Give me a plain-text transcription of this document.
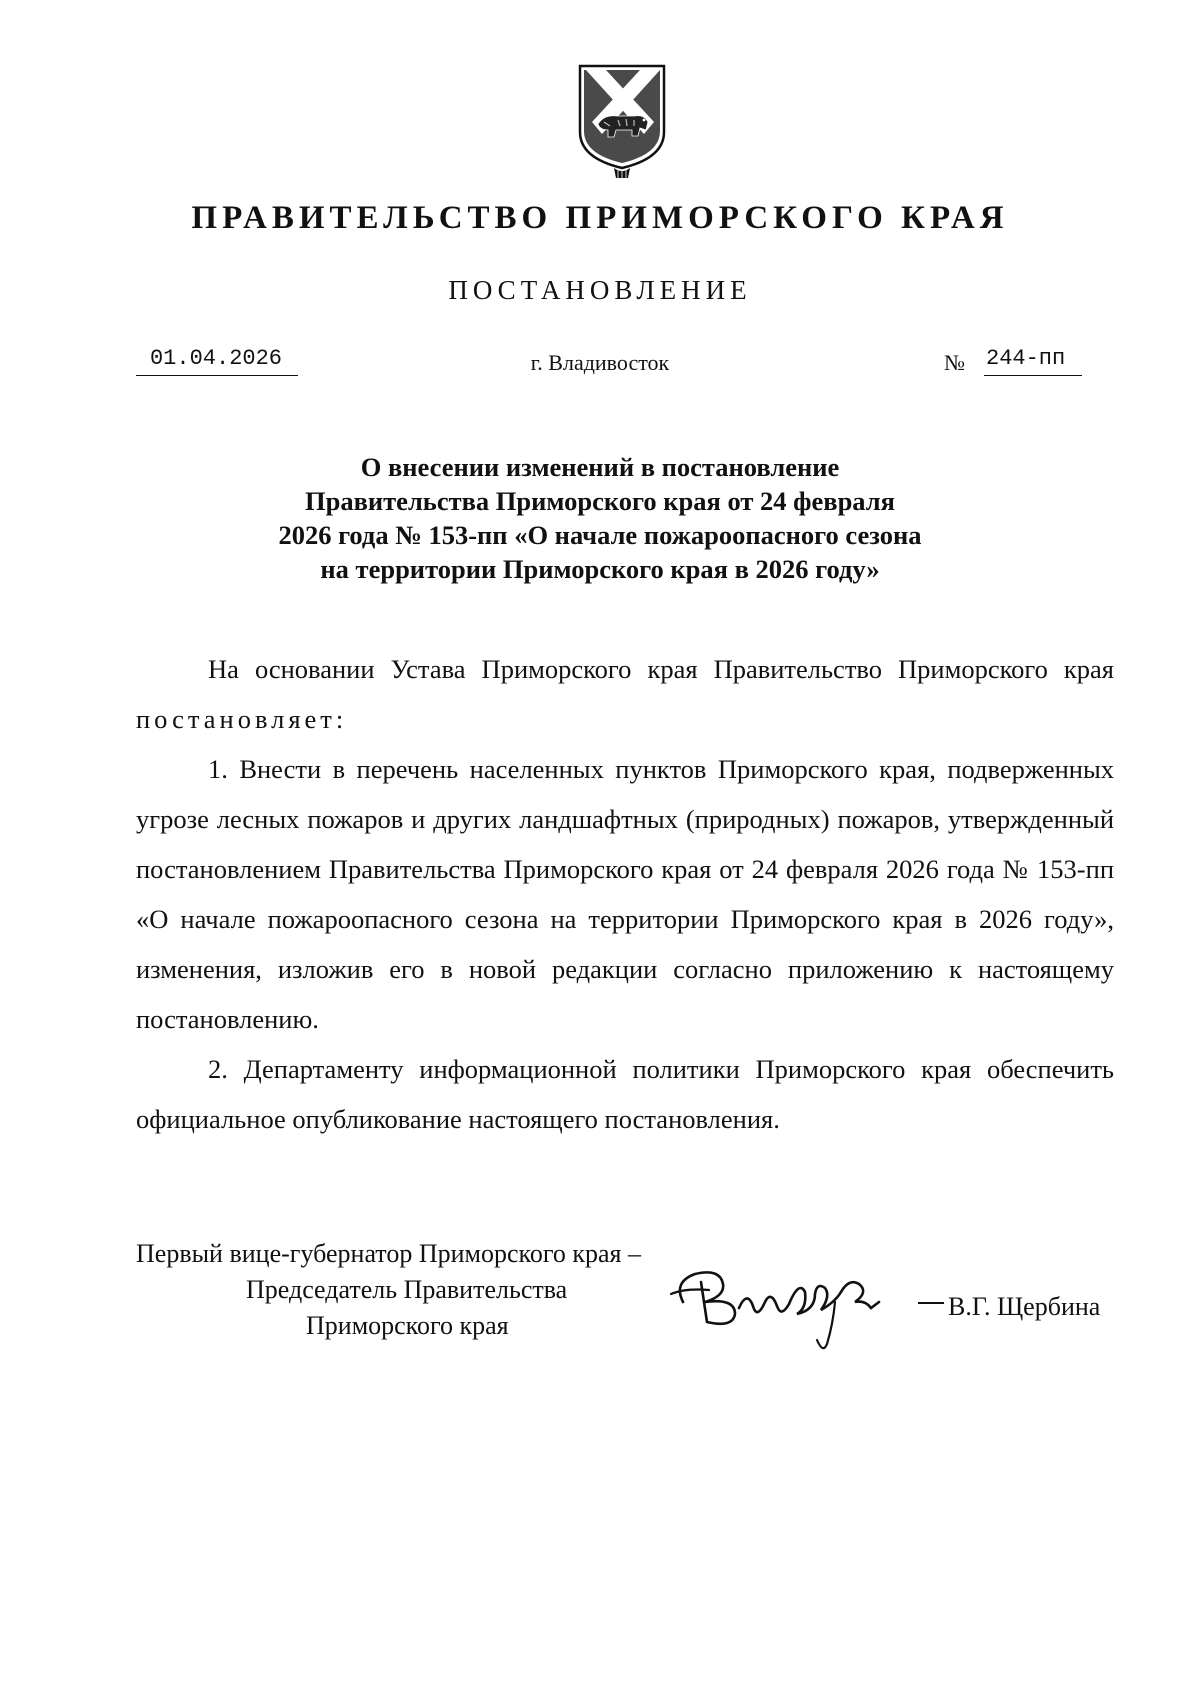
ПРАВИТЕЛЬСТВО ПРИМОРСКОГО КРАЯ
ПОСТАНОВЛЕНИЕ
01.04.2026	г. Владивосток	№ 244-пп
О внесении изменений в постановление
Правительства Приморского края от 24 февраля
2026 года № 153-пп «О начале пожароопасного сезона
на территории Приморского края в 2026 году»

На основании Устава Приморского края Правительство Приморского края постановляет:

1. Внести в перечень населенных пунктов Приморского края, подверженных угрозе лесных пожаров и других ландшафтных (природных) пожаров, утвержденный постановлением Правительства Приморского края от 24 февраля 2026 года № 153-пп «О начале пожароопасного сезона на территории Приморского края в 2026 году», изменения, изложив его в новой редакции согласно приложению к настоящему постановлению.

2. Департаменту информационной политики Приморского края обеспечить официальное опубликование настоящего постановления.

Первый вице-губернатор Приморского края –
Председатель Правительства
Приморского края
В.Г. Щербина
